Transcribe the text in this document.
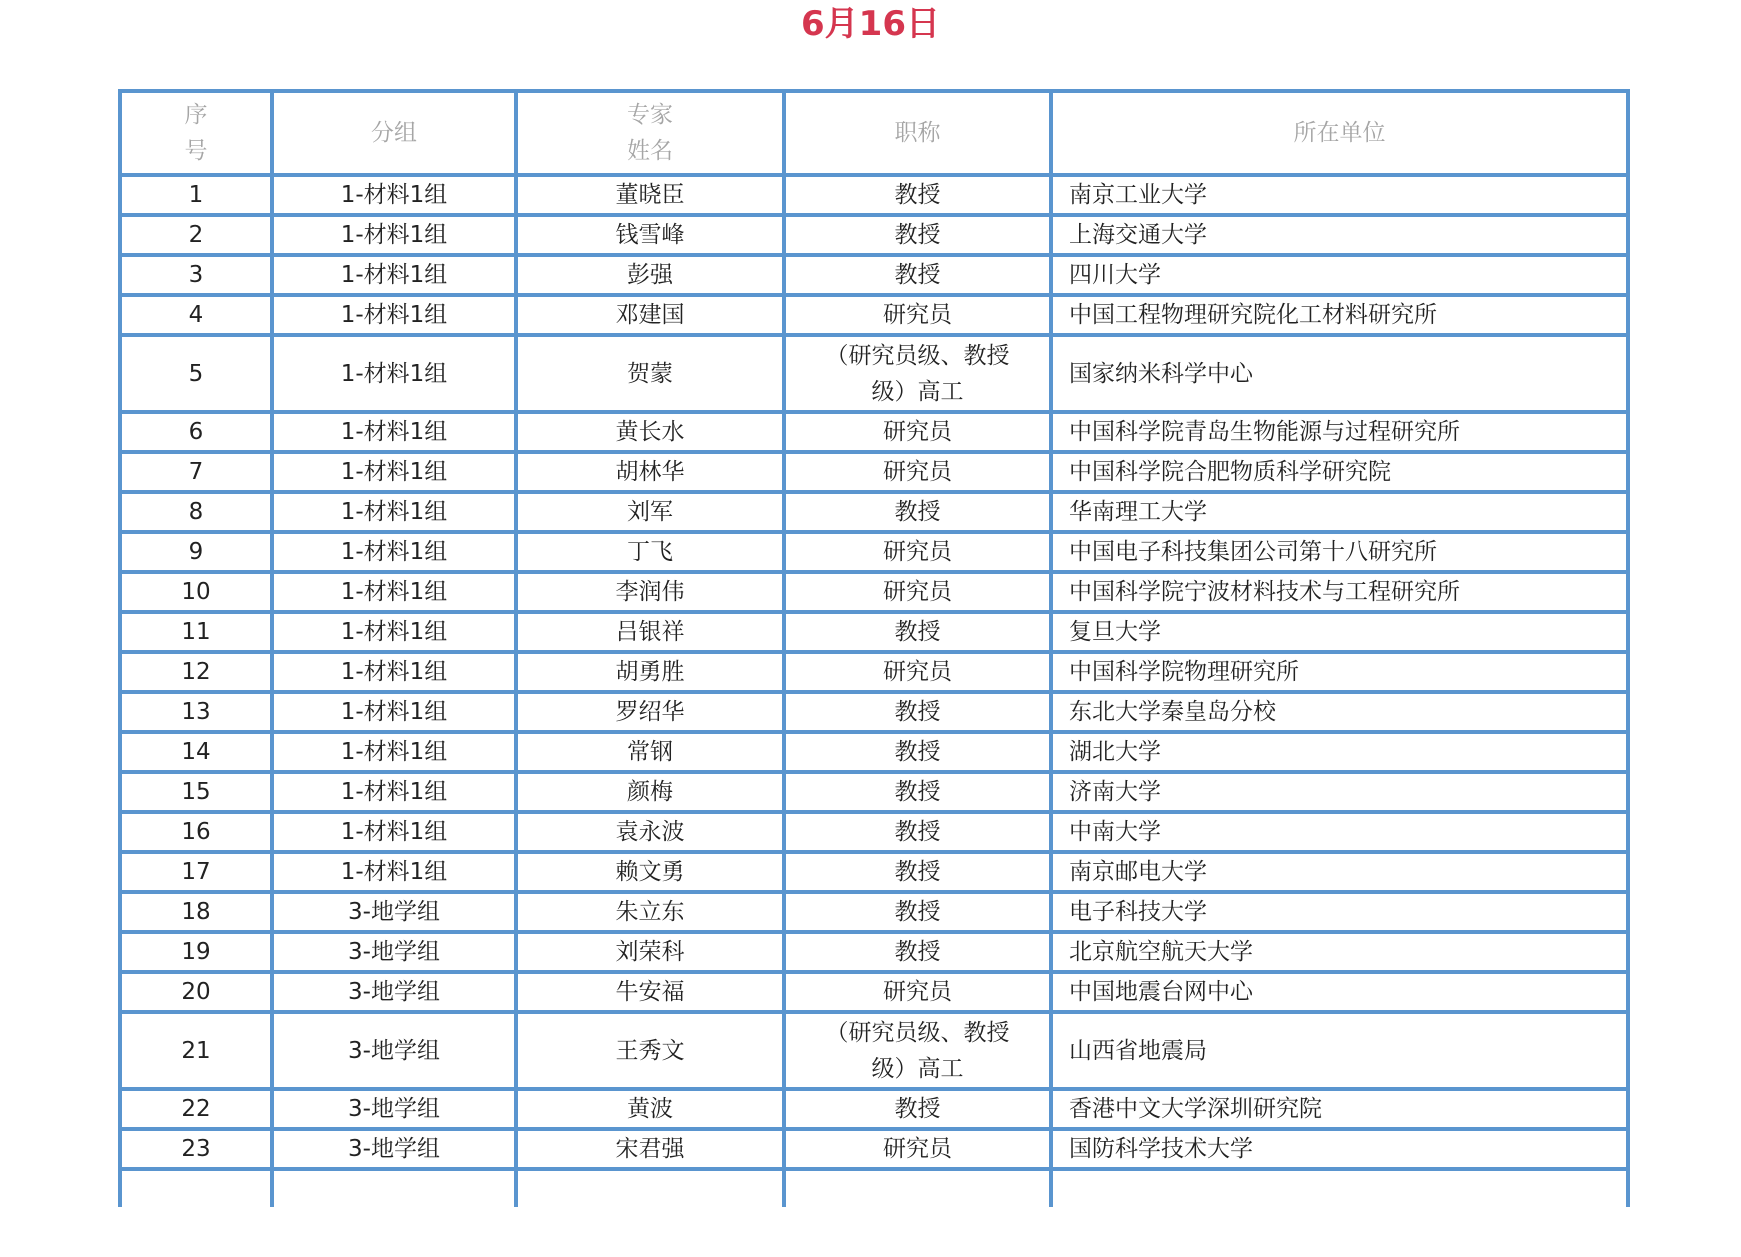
6月16日
序号	分组	专家姓名	职称	所在单位
1	1-材料1组	董晓臣	教授	南京工业大学
2	1-材料1组	钱雪峰	教授	上海交通大学
3	1-材料1组	彭强	教授	四川大学
4	1-材料1组	邓建国	研究员	中国工程物理研究院化工材料研究所
5	1-材料1组	贺蒙	（研究员级、教授级）高工	国家纳米科学中心
6	1-材料1组	黄长水	研究员	中国科学院青岛生物能源与过程研究所
7	1-材料1组	胡林华	研究员	中国科学院合肥物质科学研究院
8	1-材料1组	刘军	教授	华南理工大学
9	1-材料1组	丁飞	研究员	中国电子科技集团公司第十八研究所
10	1-材料1组	李润伟	研究员	中国科学院宁波材料技术与工程研究所
11	1-材料1组	吕银祥	教授	复旦大学
12	1-材料1组	胡勇胜	研究员	中国科学院物理研究所
13	1-材料1组	罗绍华	教授	东北大学秦皇岛分校
14	1-材料1组	常钢	教授	湖北大学
15	1-材料1组	颜梅	教授	济南大学
16	1-材料1组	袁永波	教授	中南大学
17	1-材料1组	赖文勇	教授	南京邮电大学
18	3-地学组	朱立东	教授	电子科技大学
19	3-地学组	刘荣科	教授	北京航空航天大学
20	3-地学组	牛安福	研究员	中国地震台网中心
21	3-地学组	王秀文	（研究员级、教授级）高工	山西省地震局
22	3-地学组	黄波	教授	香港中文大学深圳研究院
23	3-地学组	宋君强	研究员	国防科学技术大学
